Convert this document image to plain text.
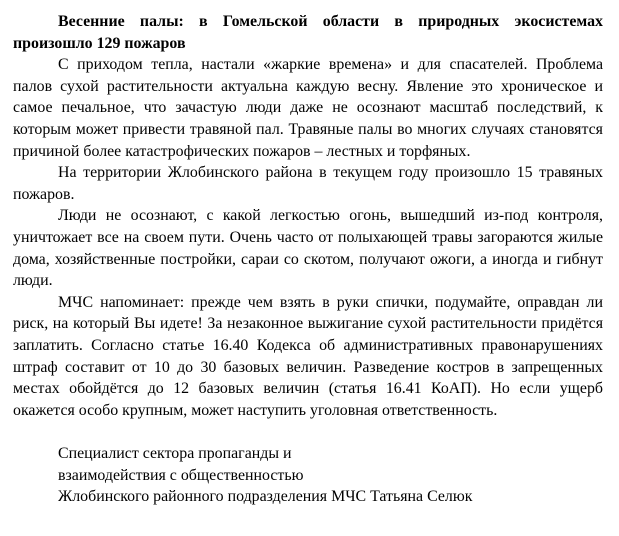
Весенние палы: в Гомельской области в природных экосистемах произошло 129 пожаров

С приходом тепла, настали «жаркие времена» и для спасателей. Проблема палов сухой растительности актуальна каждую весну. Явление это хроническое и самое печальное, что зачастую люди даже не осознают масштаб последствий, к которым может привести травяной пал. Травяные палы во многих случаях становятся причиной более катастрофических пожаров – лестных и торфяных.

На территории Жлобинского района в текущем году произошло 15 травяных пожаров.

Люди не осознают, с какой легкостью огонь, вышедший из-под контроля, уничтожает все на своем пути. Очень часто от полыхающей травы загораются жилые дома, хозяйственные постройки, сараи со скотом, получают ожоги, а иногда и гибнут люди.

МЧС напоминает: прежде чем взять в руки спички, подумайте, оправдан ли риск, на который Вы идете! За незаконное выжигание сухой растительности придётся заплатить. Согласно статье 16.40 Кодекса об административных правонарушениях штраф составит от 10 до 30 базовых величин. Разведение костров в запрещенных местах обойдётся до 12 базовых величин (статья 16.41 КоАП). Но если ущерб окажется особо крупным, может наступить уголовная ответственность.

Специалист сектора пропаганды и

взаимодействия с общественностью

Жлобинского районного подразделения МЧС Татьяна Селюк
